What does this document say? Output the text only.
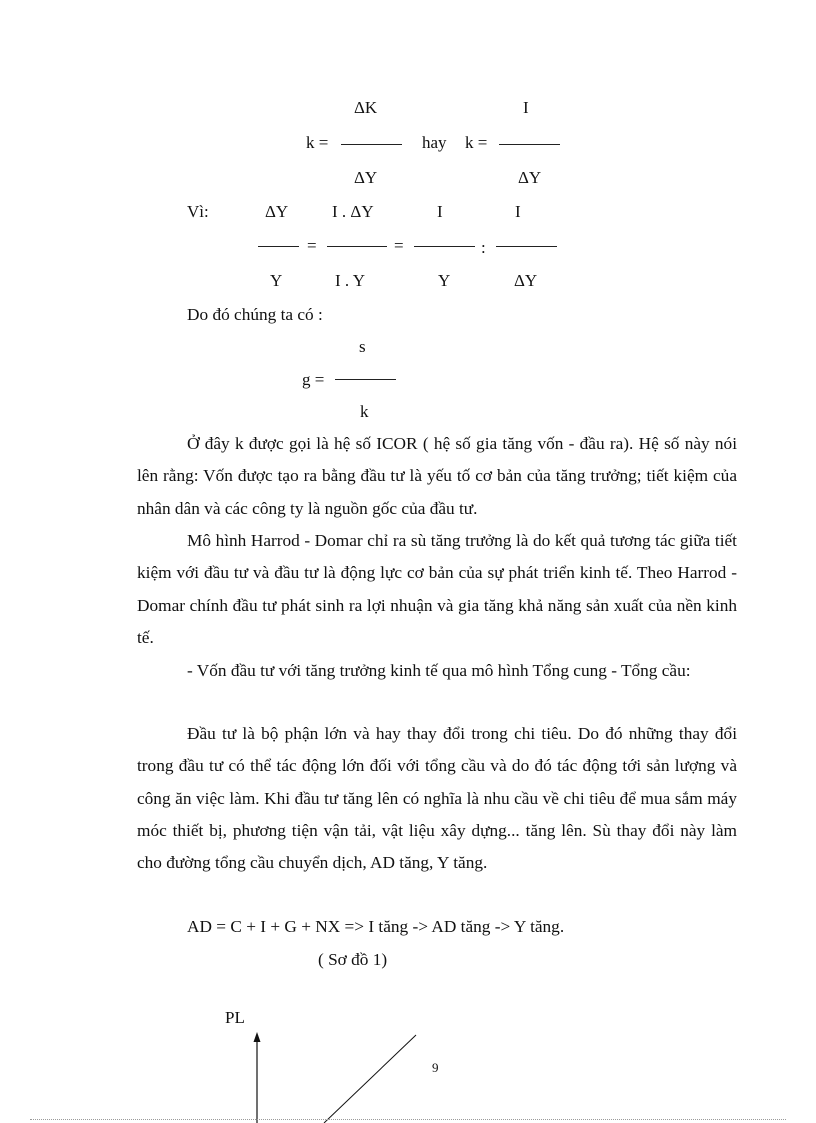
ΔK
k =
ΔY
hay k =
I
ΔY
Vì:	ΔY
Y
=
I . ΔY
I . Y
=
I
Y
:
I
ΔY
Do đó chúng ta có :
s
g =
k

Ở đây k được gọi là hệ số ICOR ( hệ số gia tăng vốn - đầu ra). Hệ số này nói lên rằng: Vốn được tạo ra bằng đầu tư là yếu tố cơ bản của tăng trưởng; tiết kiệm của nhân dân và các công ty là nguồn gốc của đầu tư.

Mô hình Harrod - Domar chỉ ra sù tăng trưởng là do kết quả tương tác giữa tiết kiệm với đầu tư và đầu tư là động lực cơ bản của sự phát triển kinh tế. Theo Harrod - Domar chính đầu tư phát sinh ra lợi nhuận và gia tăng khả năng sản xuất của nền kinh tế.

- Vốn đầu tư với tăng trưởng kinh tế qua mô hình Tổng cung - Tổng cầu:

Đầu tư là bộ phận lớn và hay thay đổi trong chi tiêu. Do đó những thay đổi trong đầu tư có thể tác động lớn đối với tổng cầu và do đó tác động tới sản lượng và công ăn việc làm. Khi đầu tư tăng lên có nghĩa là nhu cầu về chi tiêu để mua sắm máy móc thiết bị, phương tiện vận tải, vật liệu xây dựng... tăng lên. Sù thay đổi này làm cho đường tổng cầu chuyển dịch, AD tăng, Y tăng.

AD = C + I + G + NX => I tăng -> AD tăng -> Y tăng.
( Sơ đồ 1)
PL
9
